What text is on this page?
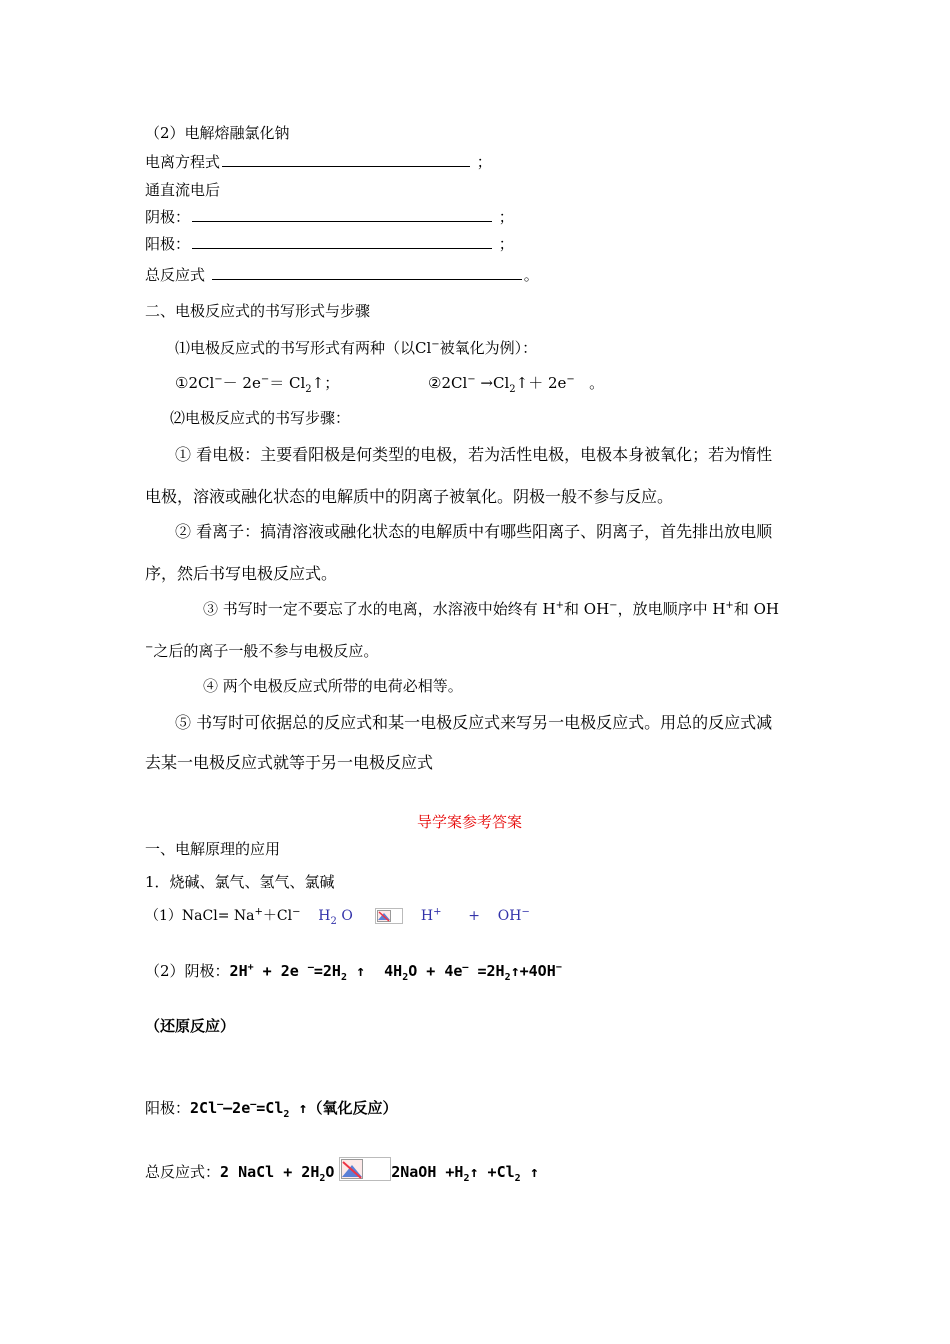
（2）电解熔融氯化钠
电离方程式	；
通直流电后
阴极：	；
阳极：	；
总反应式	。
二、电极反应式的书写形式与步骤
⑴电极反应式的书写形式有两种（以Cl−被氧化为例）：
①2Cl−－ $2e^-= Cl_2↑$；	②2Cl− $\to Cl_2↑+ 2e^-$ 。
⑵电极反应式的书写步骤：
① 看电极：主要看阳极是何类型的电极，若为活性电极，电极本身被氧化；若为惰性
电极，溶液或融化状态的电解质中的阴离子被氧化。阴极一般不参与反应。
② 看离子：搞清溶液或融化状态的电解质中有哪些阳离子、阴离子，首先排出放电顺
序，然后书写电极反应式。
③ 书写时一定不要忘了水的电离，水溶液中始终有 H+和 OH−，放电顺序中 H+和 OH
−之后的离子一般不参与电极反应。
④ 两个电极反应式所带的电荷必相等。
⑤ 书写时可依据总的反应式和某一电极反应式来写另一电极反应式。用总的反应式减
去某一电极反应式就等于另一电极反应式
导学案参考答案
一、电解原理的应用
1．烧碱、氯气、氢气、氯碱
（1）NaCl= Na+＋Cl− $H_2$ O	H+ + OH−
（2）阴极：2H+ + 2e $^—=2H_2$ ↑ $4H_2O + 4e^—$ $=2H_2↑+4OH^-$
（还原反应）
阳极：$2Cl^——2e^—=Cl_2$ ↑（氧化反应）
总反应式：2 NaCl + $2H_2O$	2NaOH $+H_2↑ +Cl_2$ ↑
